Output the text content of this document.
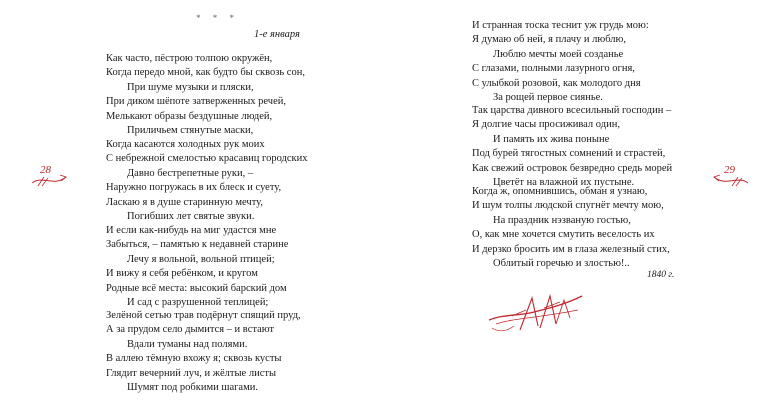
* * *
1-е января
Как часто, пёстрою толпою окружён,
Когда передо мной, как будто бы сквозь сон,
При шуме музыки и пляски,
При диком шёпоте затверженных речей,
Мелькают образы бездушные людей,
Приличьем стянутые маски,
Когда касаются холодных рук моих
С небрежной смелостью красавиц городских
Давно бестрепетные руки, –
Наружно погружась в их блеск и суету,
Ласкаю я в душе старинную мечту,
Погибших лет святые звуки.
И если как-нибудь на миг удастся мне
Забыться, – памятью к недавней старине
Лечу я вольной, вольной птицей;
И вижу я себя ребёнком, и кругом
Родные всё места: высокий барский дом
И сад с разрушенной теплицей;
Зелёной сетью трав подёрнут спящий пруд,
А за прудом село дымится – и встают
Вдали туманы над полями.
В аллею тёмную вхожу я; сквозь кусты
Глядит вечерний луч, и жёлтые листы
Шумят под робкими шагами.
28	29
И странная тоска теснит уж грудь мою:
Я думаю об ней, я плачу и люблю,
Люблю мечты моей созданье
С глазами, полными лазурного огня,
С улыбкой розовой, как молодого дня
За рощей первое сиянье.
Так царства дивного всесильный господин –
Я долгие часы просиживал один,
И память их жива поныне
Под бурей тягостных сомнений и страстей,
Как свежий островок безвредно средь морей
Цветёт на влажной их пустыне.
Когда ж, опомнившись, обман я узнаю,
И шум толпы людской спугнёт мечту мою,
На праздник нэзваную гостью,
О, как мне хочется смутить веселость их
И дерзко бросить им в глаза железный стих,
Облитый горечью и злостью!..
1840 г.
